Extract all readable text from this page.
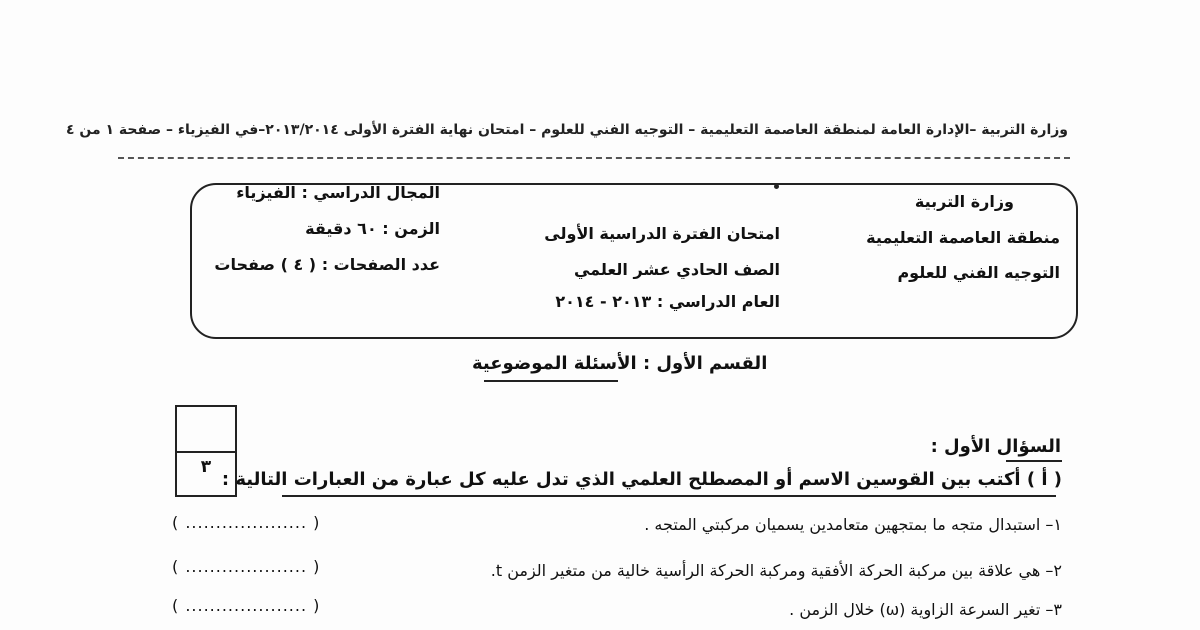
وزارة التربية –الإدارة العامة لمنطقة العاصمة التعليمية – التوجيه الفني للعلوم – امتحان نهاية الفترة الأولى ٢٠١٣/٢٠١٤–في الفيزياء – صفحة ١ من ٤
وزارة التربية
منطقة العاصمة التعليمية
التوجيه الفني للعلوم
امتحان الفترة الدراسية الأولى
الصف الحادي عشر العلمي
العام الدراسي : ٢٠١٣ - ٢٠١٤
المجال الدراسي : الفيزياء
الزمن : ٦٠ دقيقة
عدد الصفحات : ( ٤ ) صفحات
القسم الأول : الأسئلة الموضوعية
٣
السؤال الأول :
( أ ) أكتب بين القوسين الاسم أو المصطلح العلمي الذي تدل عليه كل عبارة من العبارات التالية :
١– استبدال متجه ما بمتجهين متعامدين يسميان مركبتي المتجه .
( .................... )
٢– هي علاقة بين مركبة الحركة الأفقية ومركبة الحركة الرأسية خالية من متغير الزمن t.
( .................... )
٣– تغير السرعة الزاوية (ω) خلال الزمن .
( .................... )
